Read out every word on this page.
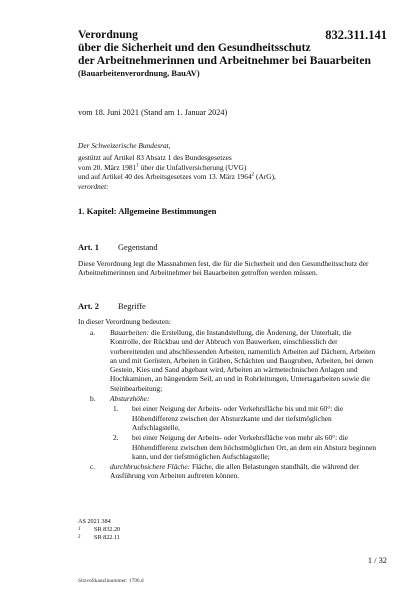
832.311.141
Verordnung
über die Sicherheit und den Gesundheitsschutz
der Arbeitnehmerinnen und Arbeitnehmer bei Bauarbeiten
(Bauarbeitenverordnung, BauAV)
vom 18. Juni 2021 (Stand am 1. Januar 2024)
Der Schweizerische Bundesrat,
gestützt auf Artikel 83 Absatz 1 des Bundesgesetzes
vom 20. März 1981$^1$ über die Unfallversicherung (UVG)
und auf Artikel 40 des Arbeitsgesetzes vom 13. März 1964$^2$ (ArG),
verordnet:
1. Kapitel: Allgemeine Bestimmungen
Art. 1 Gegenstand
Diese Verordnung legt die Massnahmen fest, die für die Sicherheit und den Gesundheitsschutz der Arbeitnehmerinnen und Arbeitnehmer bei Bauarbeiten getroffen werden müssen.
Art. 2 Begriffe
In dieser Verordnung bedeuten:
a.	Bauarbeiten: die Erstellung, die Instandstellung, die Änderung, der Unterhalt, die Kontrolle, der Rückbau und der Abbruch von Bauwerken, einschliesslich der vorbereitenden und abschliessenden Arbeiten, namentlich Arbeiten auf Dächern, Arbeiten an und mit Gerüsten, Arbeiten in Gräben, Schächten und Baugruben, Arbeiten, bei denen Gestein, Kies und Sand abgebaut wird, Arbeiten an wärmetechnischen Anlagen und Hochkaminen, an hängendem Seil, an und in Rohrleitungen, Untertagarbeiten sowie die Steinbearbeitung;
b.	Absturzhöhe:
1.	bei einer Neigung der Arbeits- oder Verkehrsfläche bis und mit 60°: die Höhendifferenz zwischen der Absturzkante und der tiefstmöglichen Aufschlagstelle,
2.	bei einer Neigung der Arbeits- oder Verkehrsfläche von mehr als 60°: die Höhendifferenz zwischen dem höchstmöglichen Ort, an dem ein Absturz beginnen kann, und der tiefstmöglichen Aufschlagstelle;
c.	durchbruchsichere Fläche: Fläche, die allen Belastungen standhält, die während der Ausführung von Arbeiten auftreten können.
AS 2021 384
1	SR 832.20
2	SR 822.11
1 / 32
Sitzvollkanzlinummer: 1796.d
